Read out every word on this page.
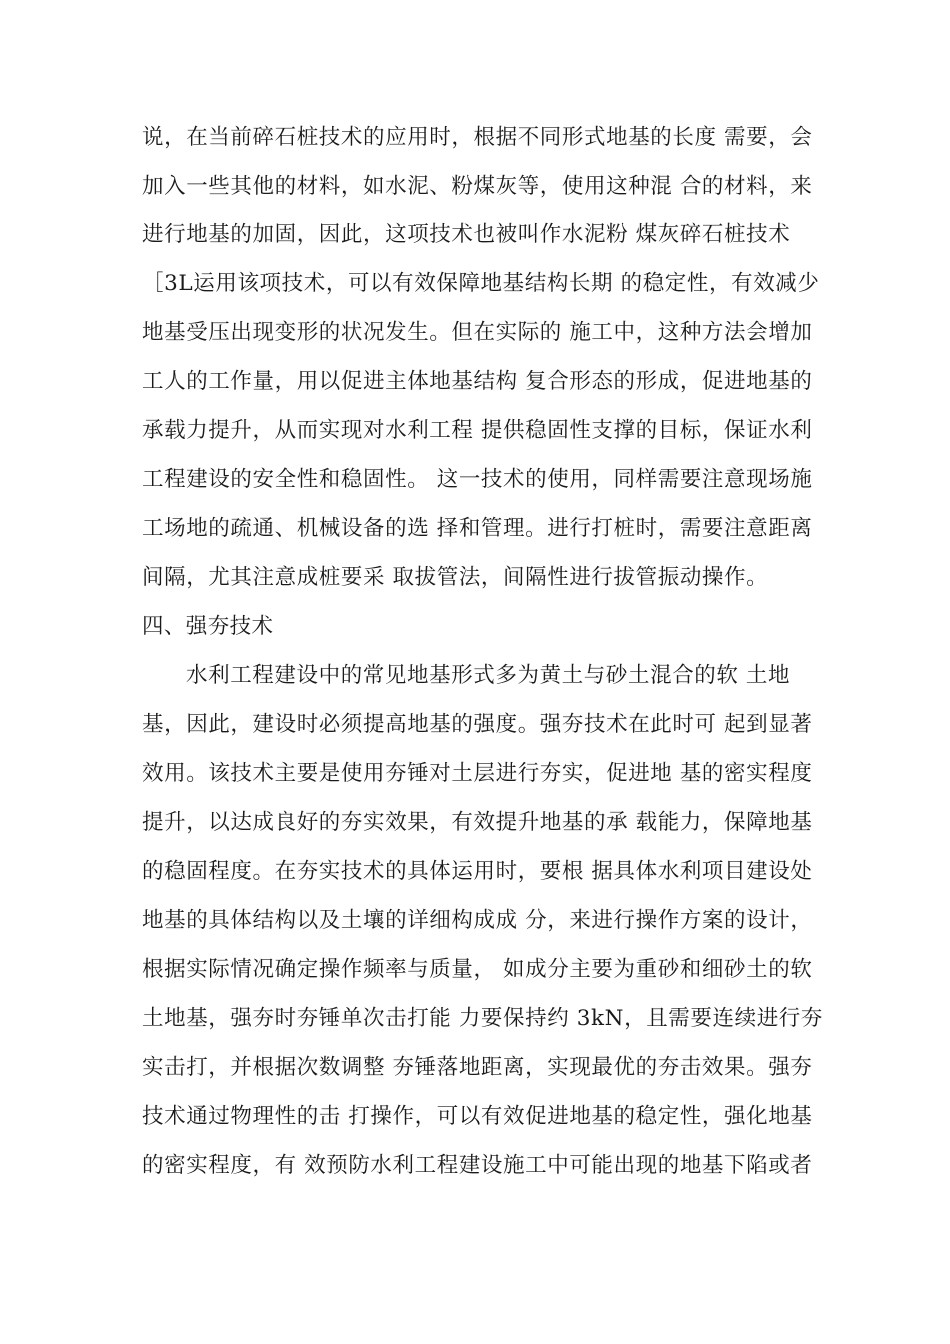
说，在当前碎石桩技术的应用时，根据不同形式地基的长度 需要，会
加入一些其他的材料，如水泥、粉煤灰等，使用这种混 合的材料，来
进行地基的加固，因此，这项技术也被叫作水泥粉 煤灰碎石桩技术
［3L运用该项技术，可以有效保障地基结构长期 的稳定性，有效减少
地基受压出现变形的状况发生。但在实际的 施工中，这种方法会增加
工人的工作量，用以促进主体地基结构 复合形态的形成，促进地基的
承载力提升，从而实现对水利工程 提供稳固性支撑的目标，保证水利
工程建设的安全性和稳固性。 这一技术的使用，同样需要注意现场施
工场地的疏通、机械设备的选 择和管理。进行打桩时，需要注意距离
间隔，尤其注意成桩要采 取拔管法，间隔性进行拔管振动操作。
四、强夯技术
水利工程建设中的常见地基形式多为黄土与砂土混合的软 土地
基，因此，建设时必须提高地基的强度。强夯技术在此时可 起到显著
效用。该技术主要是使用夯锤对土层进行夯实，促进地 基的密实程度
提升，以达成良好的夯实效果，有效提升地基的承 载能力，保障地基
的稳固程度。在夯实技术的具体运用时，要根 据具体水利项目建设处
地基的具体结构以及土壤的详细构成成 分，来进行操作方案的设计，
根据实际情况确定操作频率与质量， 如成分主要为重砂和细砂土的软
土地基，强夯时夯锤单次击打能 力要保持约 3kN，且需要连续进行夯
实击打，并根据次数调整 夯锤落地距离，实现最优的夯击效果。强夯
技术通过物理性的击 打操作，可以有效促进地基的稳定性，强化地基
的密实程度，有 效预防水利工程建设施工中可能出现的地基下陷或者
